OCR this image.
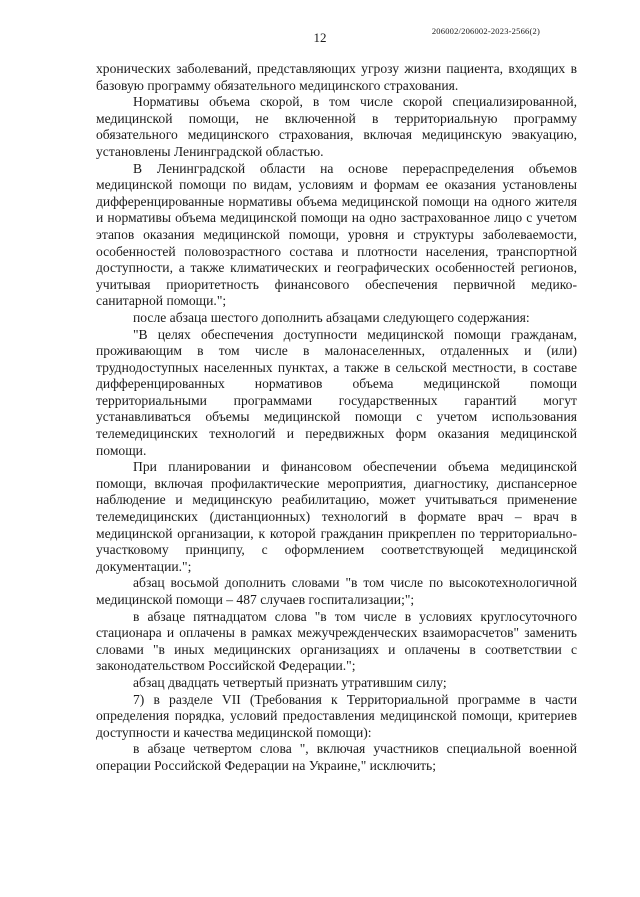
206002/206002-2023-2566(2)
12

хронических заболеваний, представляющих угрозу жизни пациента, входящих в базовую программу обязательного медицинского страхования.

Нормативы объема скорой, в том числе скорой специализированной, медицинской помощи, не включенной в территориальную программу обязательного медицинского страхования, включая медицинскую эвакуацию, установлены Ленинградской областью.

В Ленинградской области на основе перераспределения объемов медицинской помощи по видам, условиям и формам ее оказания установлены дифференцированные нормативы объема медицинской помощи на одного жителя и нормативы объема медицинской помощи на одно застрахованное лицо с учетом этапов оказания медицинской помощи, уровня и структуры заболеваемости, особенностей половозрастного состава и плотности населения, транспортной доступности, а также климатических и географических особенностей регионов, учитывая приоритетность финансового обеспечения первичной медико-санитарной помощи.";

после абзаца шестого дополнить абзацами следующего содержания:

"В целях обеспечения доступности медицинской помощи гражданам, проживающим в том числе в малонаселенных, отдаленных и (или) труднодоступных населенных пунктах, а также в сельской местности, в составе дифференцированных нормативов объема медицинской помощи территориальными программами государственных гарантий могут устанавливаться объемы медицинской помощи с учетом использования телемедицинских технологий и передвижных форм оказания медицинской помощи.

При планировании и финансовом обеспечении объема медицинской помощи, включая профилактические мероприятия, диагностику, диспансерное наблюдение и медицинскую реабилитацию, может учитываться применение телемедицинских (дистанционных) технологий в формате врач – врач в медицинской организации, к которой гражданин прикреплен по территориально-участковому принципу, с оформлением соответствующей медицинской документации.";

абзац восьмой дополнить словами "в том числе по высокотехнологичной медицинской помощи – 487 случаев госпитализации;";

в абзаце пятнадцатом слова "в том числе в условиях круглосуточного стационара и оплачены в рамках межучрежденческих взаиморасчетов" заменить словами "в иных медицинских организациях и оплачены в соответствии с законодательством Российской Федерации.";

абзац двадцать четвертый признать утратившим силу;

7) в разделе VII (Требования к Территориальной программе в части определения порядка, условий предоставления медицинской помощи, критериев доступности и качества медицинской помощи):

в абзаце четвертом слова ", включая участников специальной военной операции Российской Федерации на Украине," исключить;
